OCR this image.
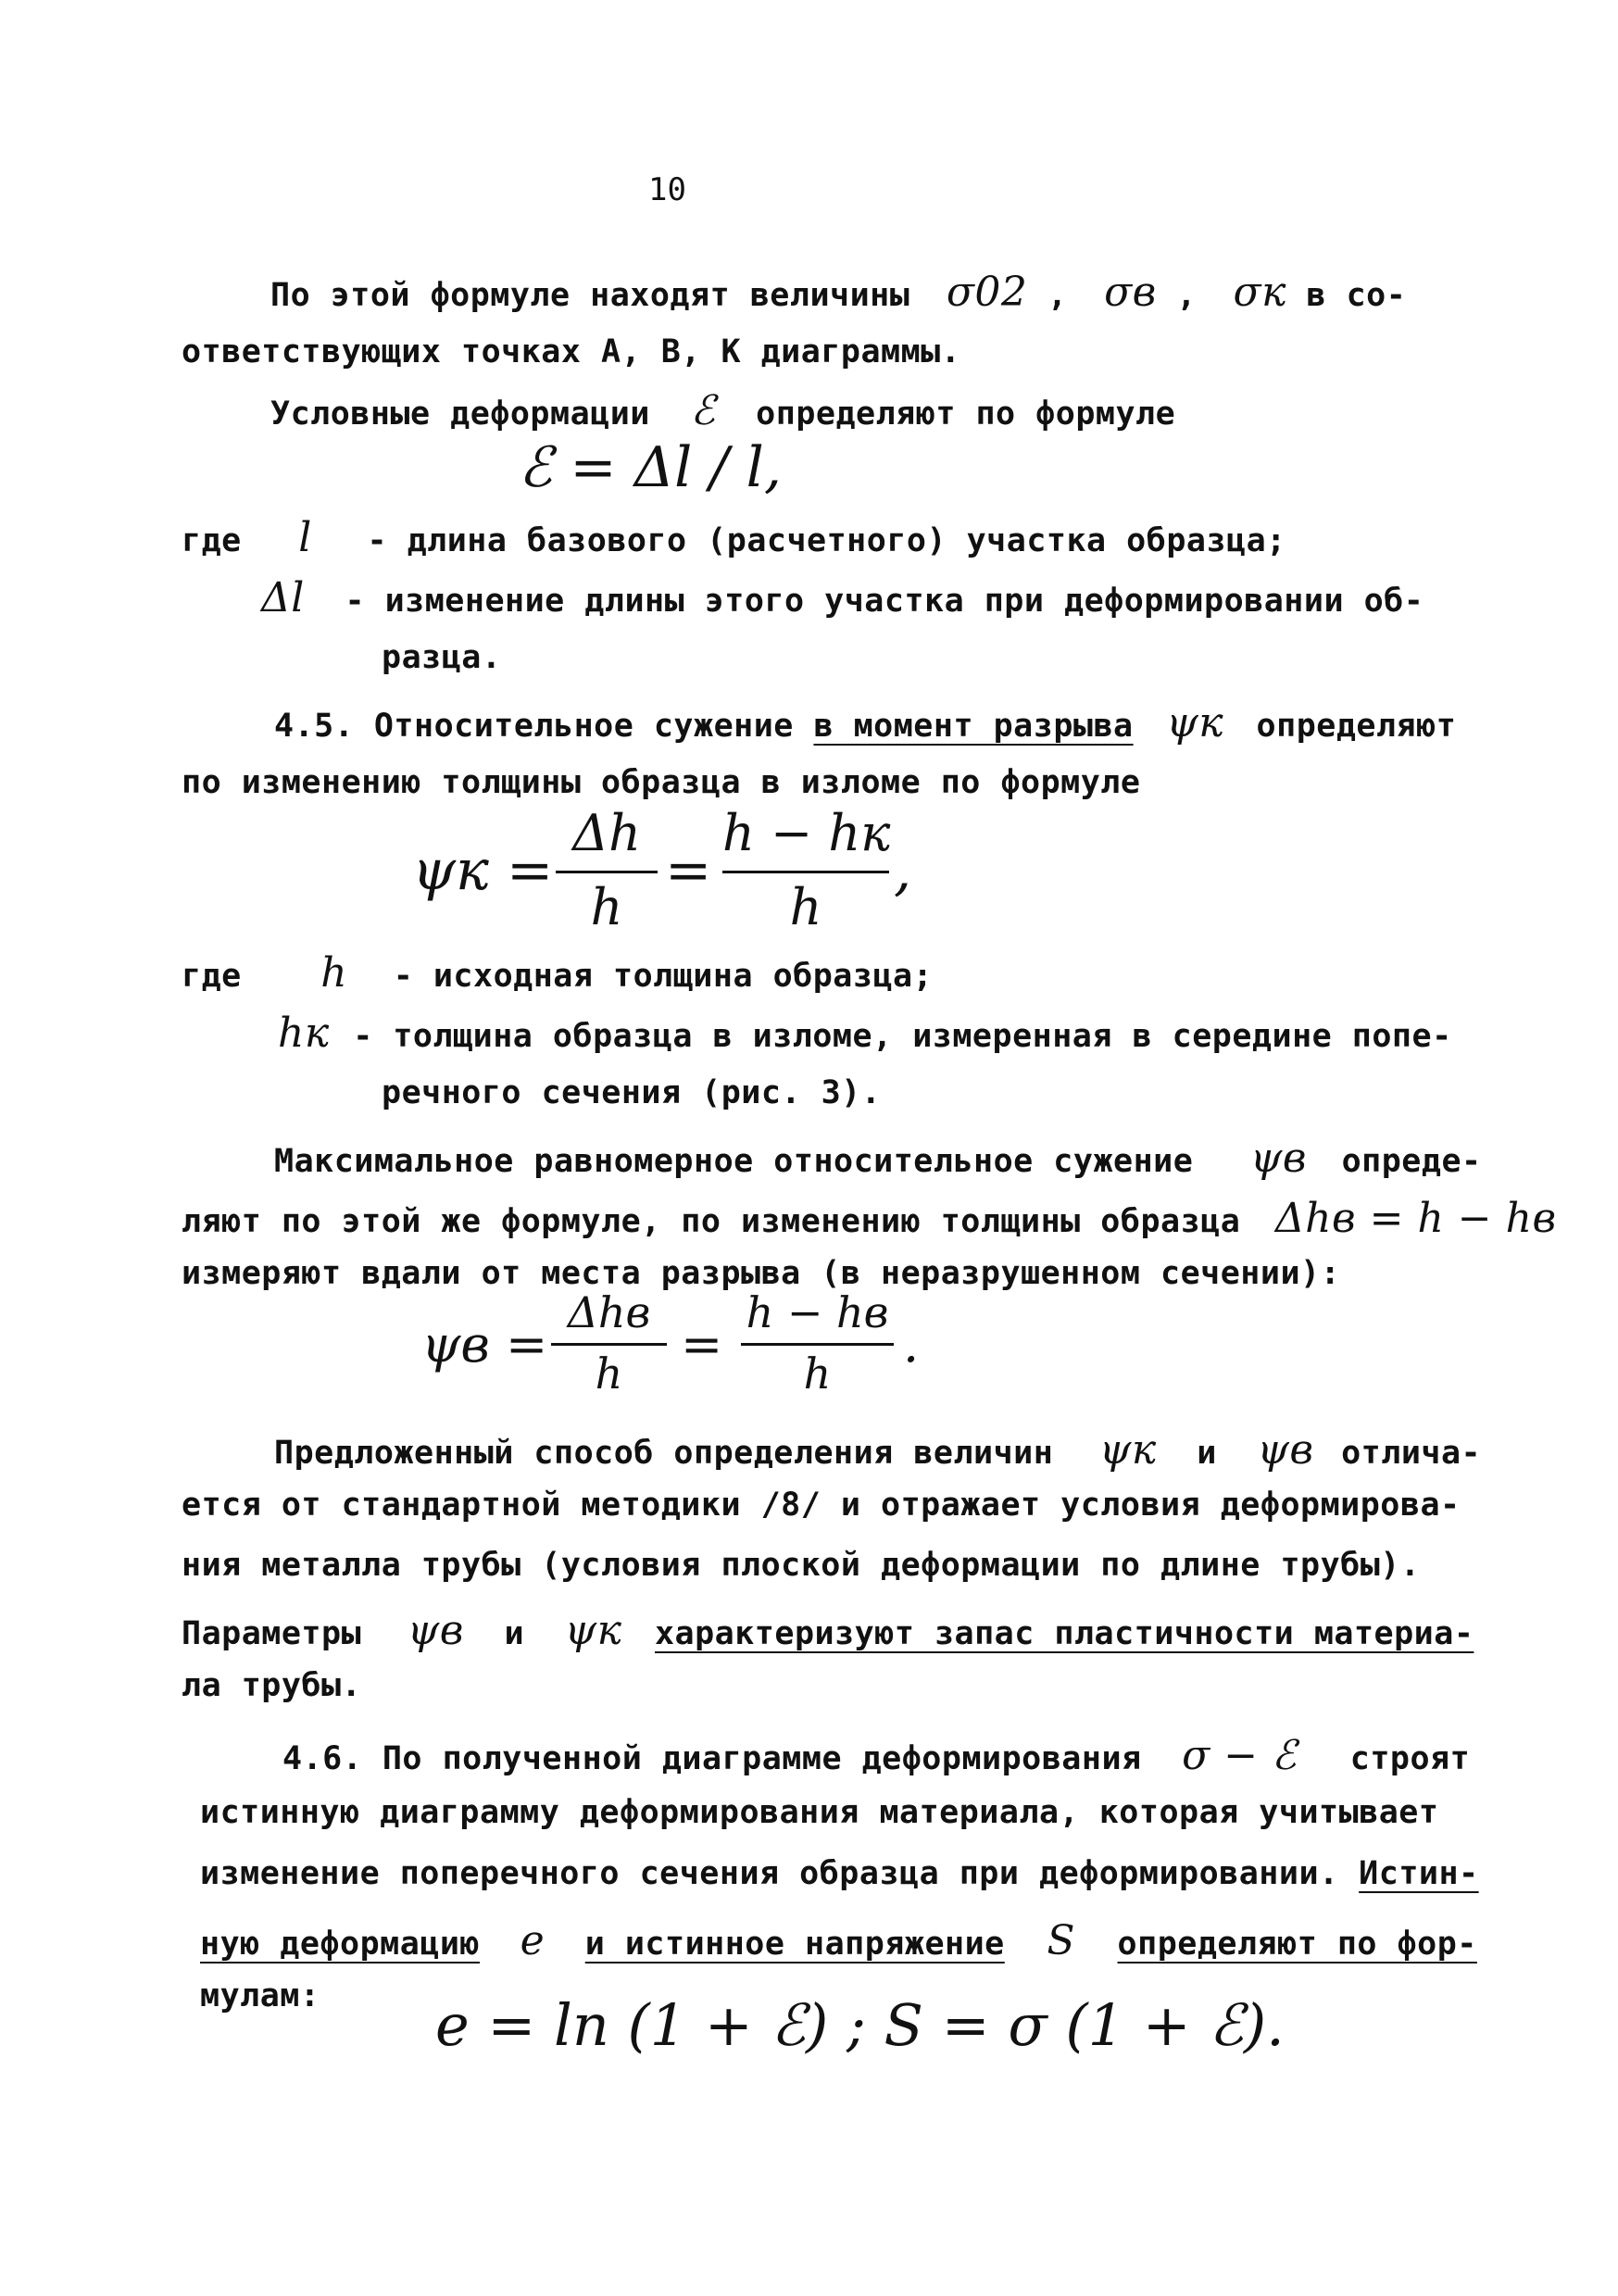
10
По этой формуле находят величины σ02 , σв , σк в со-
ответствующих точках А, В, К диаграммы.
Условные деформации ℰ определяют по формуле
ℰ = Δl / l,
где l - длина базового (расчетного) участка образца;
Δl - изменение длины этого участка при деформировании об-
разца.
4.5. Относительное сужение в момент разрыва ψк определяют
по изменению толщины образца в изломе по формуле
ψк =
Δh
h
=
h − hк
h
,
где h - исходная толщина образца;
hк - толщина образца в изломе, измеренная в середине попе-
речного сечения (рис. 3).
Максимальное равномерное относительное сужение ψв опреде-
ляют по этой же формуле, по изменению толщины образца Δhв = h − hв
измеряют вдали от места разрыва (в неразрушенном сечении):
ψв =
Δhв
h	=
h − hв
h	.
Предложенный способ определения величин ψк и ψв отлича-
ется от стандартной методики /8/ и отражает условия деформирова-
ния металла трубы (условия плоской деформации по длине трубы).
Параметры ψв и ψк характеризуют запас пластичности материа-
ла трубы.
4.6. По полученной диаграмме деформирования σ − ℰ строят
истинную диаграмму деформирования материала, которая учитывает
изменение поперечного сечения образца при деформировании. Истин-
ную деформацию e и истинное напряжение S определяют по фор-
мулам: e = ln (1 + ℰ) ; S = σ (1 + ℰ).
